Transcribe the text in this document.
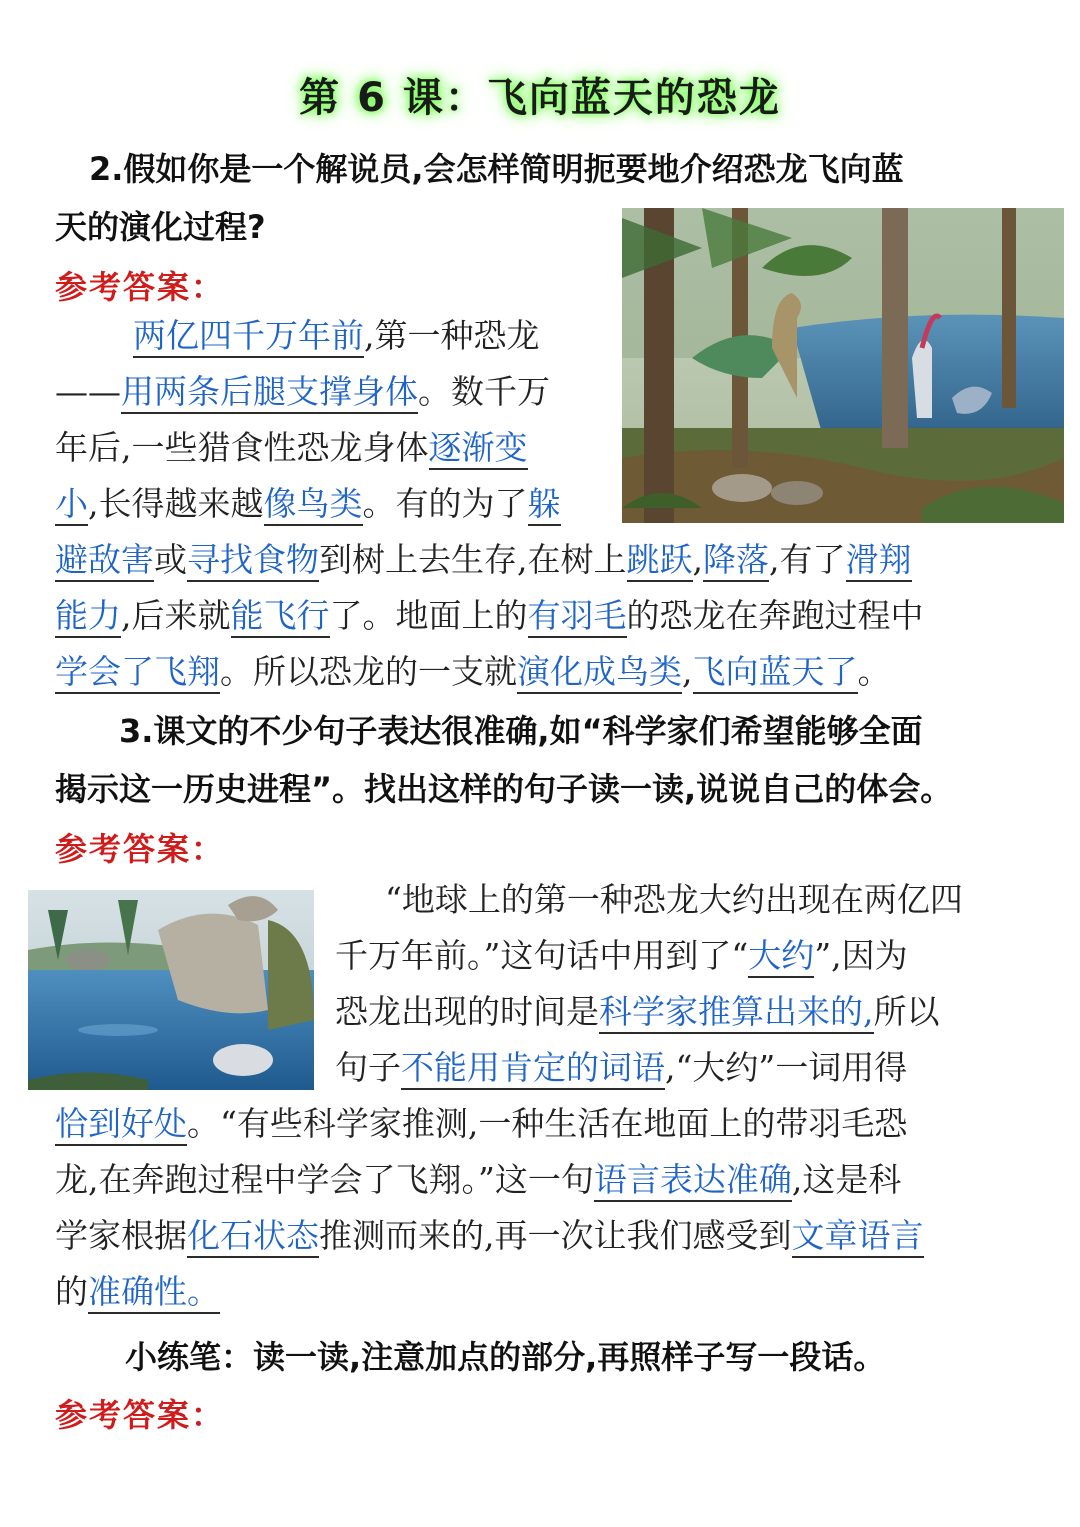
第 6 课：飞向蓝天的恐龙
2.假如你是一个解说员,会怎样简明扼要地介绍恐龙飞向蓝
天的演化过程?
参考答案：
两亿四千万年前,第一种恐龙
——用两条后腿支撑身体。数千万
年后,一些猎食性恐龙身体逐渐变
小,长得越来越像鸟类。有的为了躲
避敌害或寻找食物到树上去生存,在树上跳跃,降落,有了滑翔
能力,后来就能飞行了。地面上的有羽毛的恐龙在奔跑过程中
学会了飞翔。所以恐龙的一支就演化成鸟类,飞向蓝天了。
3.课文的不少句子表达很准确,如“科学家们希望能够全面
揭示这一历史进程”。找出这样的句子读一读,说说自己的体会。
参考答案：
“地球上的第一种恐龙大约出现在两亿四
千万年前。”这句话中用到了“大约”,因为
恐龙出现的时间是科学家推算出来的,所以
句子不能用肯定的词语,“大约”一词用得
恰到好处。“有些科学家推测,一种生活在地面上的带羽毛恐
龙,在奔跑过程中学会了飞翔。”这一句语言表达准确,这是科
学家根据化石状态推测而来的,再一次让我们感受到文章语言
的准确性。
小练笔：读一读,注意加点的部分,再照样子写一段话。
参考答案：
